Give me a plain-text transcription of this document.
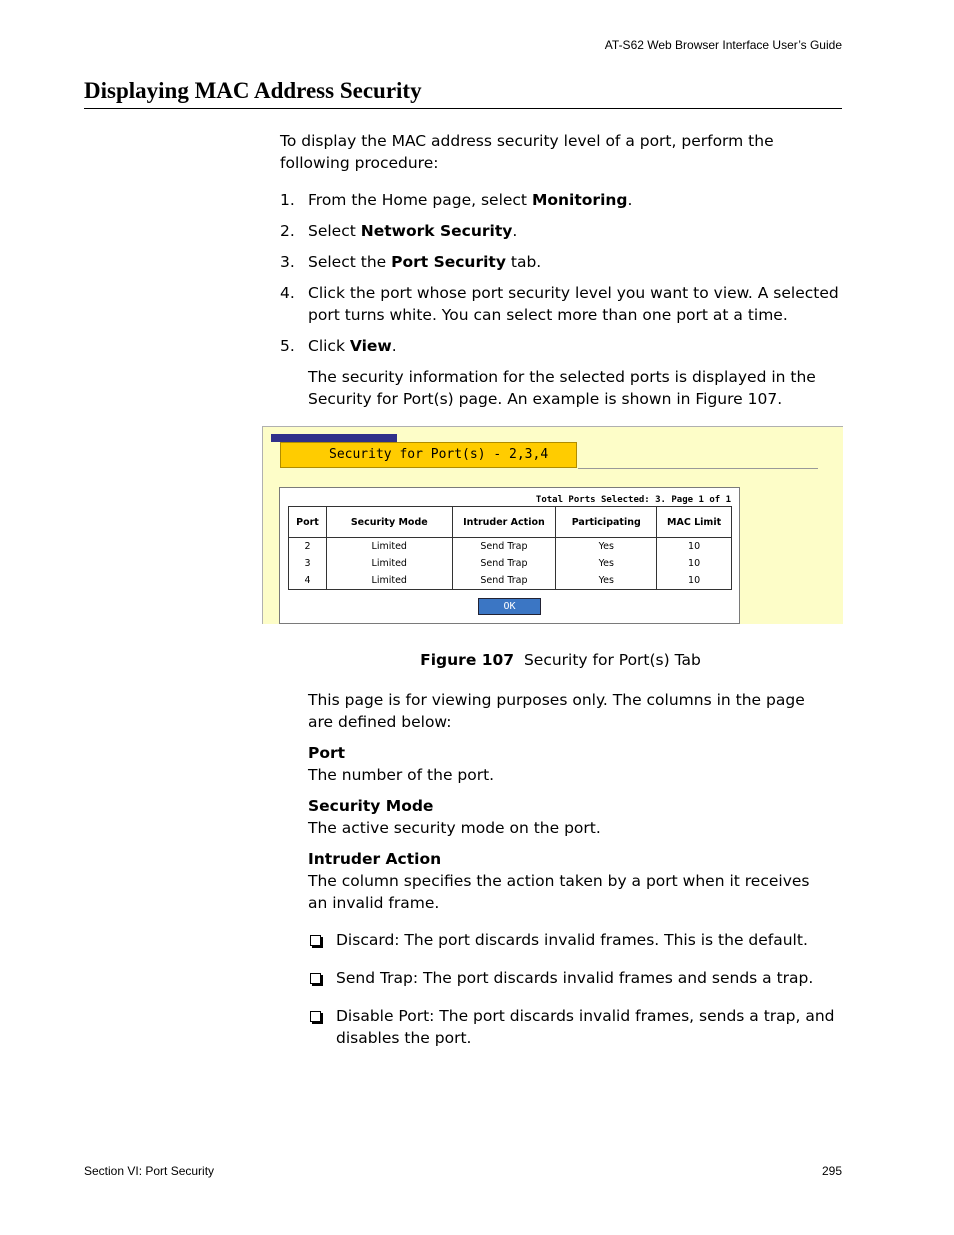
AT-S62 Web Browser Interface User’s Guide
Displaying MAC Address Security

To display the MAC address security level of a port, perform the following procedure:

1. From the Home page, select Monitoring.
2. Select Network Security.
3. Select the Port Security tab.
4. Click the port whose port security level you want to view. A selected port turns white. You can select more than one port at a time.
5. Click View.

The security information for the selected ports is displayed in the Security for Port(s) page. An example is shown in Figure 107.

Security for Port(s) - 2,3,4
Total Ports Selected: 3. Page 1 of 1
Port	Security Mode	Intruder Action	Participating	MAC Limit
2	Limited	Send Trap	Yes	10
3	Limited	Send Trap	Yes	10
4	Limited	Send Trap	Yes	10
OK

Figure 107 Security for Port(s) Tab

This page is for viewing purposes only. The columns in the page are defined below:

Port
The number of the port.
Security Mode
The active security mode on the port.
Intruder Action
The column specifies the action taken by a port when it receives an invalid frame.
Discard: The port discards invalid frames. This is the default.
Send Trap: The port discards invalid frames and sends a trap.
Disable Port: The port discards invalid frames, sends a trap, and disables the port.
Section VI: Port Security	295
